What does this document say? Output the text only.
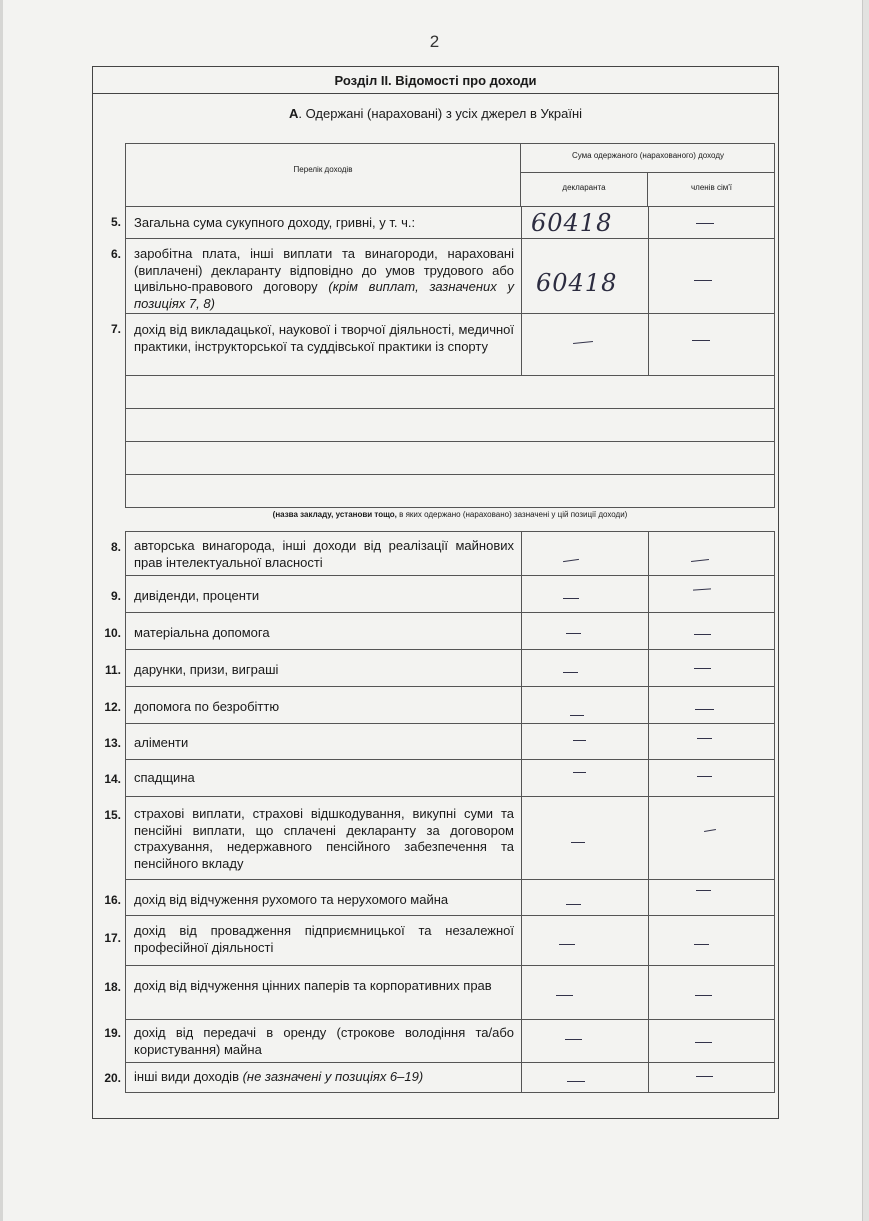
2
Розділ ІІ. Відомості про доходи
А. Одержані (нараховані) з усіх джерел в Україні
Перелік доходів
Сума одержаного (нарахованого) доходу
декларанта	членів сім'ї
Загальна сума сукупного доходу, гривні, у т. ч.:	60418
5.
заробітна плата, інші виплати та винагороди, нараховані (виплачені) декларанту відповідно до умов трудового або цивільно-правового договору (крім виплат, зазначених у позиціях 7, 8)
60418
6.
дохід від викладацької, наукової і творчої діяльності, медичної практики, інструкторської та суддівської практики із спорту
7.
(назва закладу, установи тощо, в яких одержано (нараховано) зазначені у цій позиції доходи)
авторська винагорода, інші доходи від реалізації майнових прав інтелектуальної власності
8.
дивіденди, проценти
9.
матеріальна допомога
10.
дарунки, призи, виграші
11.
допомога по безробіттю
12.
аліменти
13.
спадщина
14.
страхові виплати, страхові відшкодування, викупні суми та пенсійні виплати, що сплачені декларанту за договором страхування, недержавного пенсійного забезпечення та пенсійного вкладу
15.
дохід від відчуження рухомого та нерухомого майна
16.
дохід від провадження підприємницької та незалежної професійної діяльності
17.
дохід від відчуження цінних паперів та корпоративних прав
18.
дохід від передачі в оренду (строкове володіння та/або користування) майна
19.
інші види доходів (не зазначені у позиціях 6–19)
20.
